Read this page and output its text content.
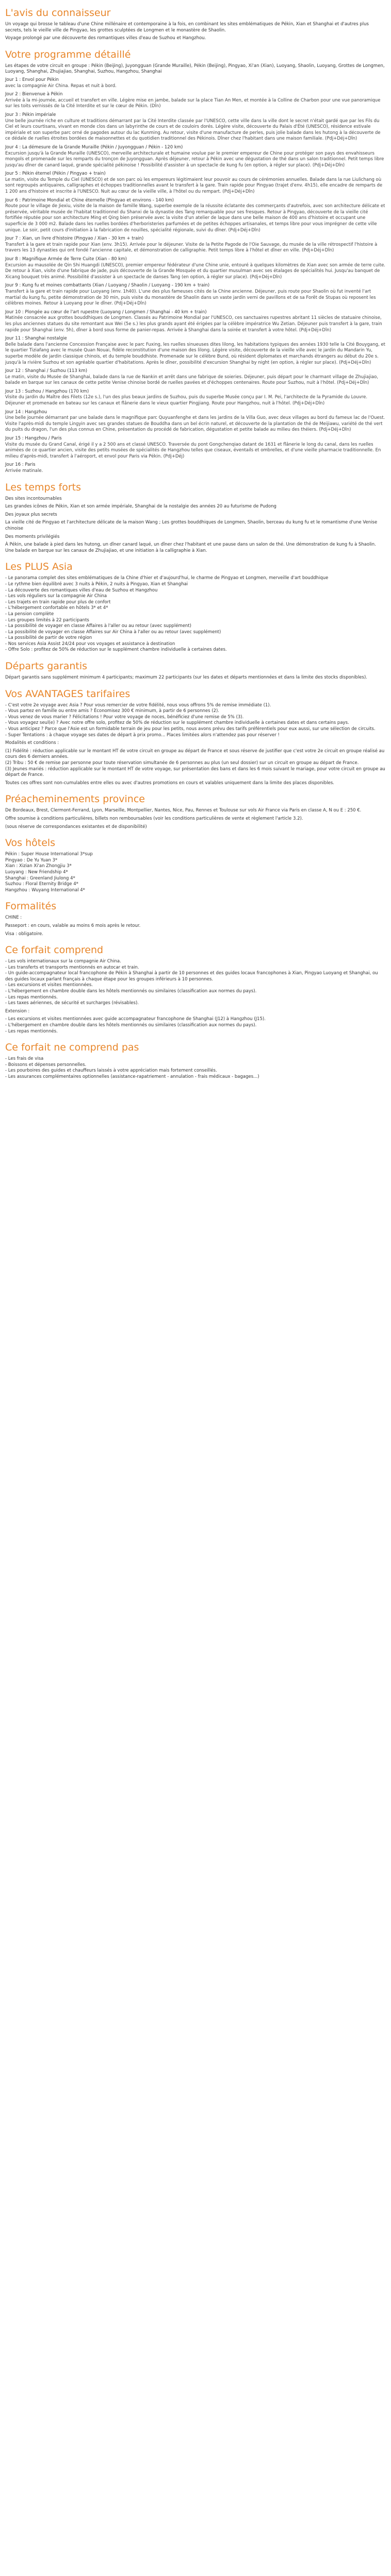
L'avis du connaisseur

Un voyage qui brosse le tableau d'une Chine millénaire et contemporaine à la fois, en combinant les sites emblématiques de Pékin, Xian et Shanghai et d'autres plus secrets, tels le vieille ville de Pingyao, les grottes sculptées de Longmen et le monastère de Shaolin.

Voyage prolongé par une découverte des romantiques villes d'eau de Suzhou et Hangzhou.

Votre programme détaillé

Les étapes de votre circuit en groupe : Pékin (Beijing), Juyongguan (Grande Muraille), Pékin (Beijing), Pingyao, Xi'an (Xian), Luoyang, Shaolin, Luoyang, Grottes de Longmen, Luoyang, Shanghai, Zhujiajiao, Shanghai, Suzhou, Hangzhou, Shanghai

Jour 1 : Envol pour Pékin
avec la compagnie Air China. Repas et nuit à bord.
Jour 2 : Bienvenue à Pékin
Arrivée à la mi-journée, accueil et transfert en ville. Légère mise en jambe, balade sur la place Tian An Men, et montée à la Colline de Charbon pour une vue panoramique sur les toits vernissés de la Cité Interdite et sur le cœur de Pékin. (Dîn)
Jour 3 : Pékin impériale
Une belle journée riche en culture et traditions démarrant par la Cité Interdite classée par l'UNESCO, cette ville dans la ville dont le secret n'était gardé que par les Fils du Ciel et leurs courtisans, vivant en monde clos dans un labyrinthe de cours et de couloirs dorés. Légère visite, découverte du Palais d'Été (UNESCO), résidence estivale impériale et son superbe parc orné de pagodes autour du lac Kunming. Au retour, visite d'une manufacture de perles, puis jolie balade dans les hutong à la découverte de ce dédale de ruelles étroites bordées de maisonnettes et du quotidien traditionnel des Pékinois. Dîner chez l'habitant dans une maison familiale. (Pdj+Déj+Dîn)
Jour 4 : La démesure de la Grande Muraille (Pékin / Juyongguan / Pékin - 120 km)
Excursion jusqu'à la Grande Muraille (UNESCO), merveille architecturale et humaine voulue par le premier empereur de Chine pour protéger son pays des envahisseurs mongols et promenade sur les remparts du tronçon de Juyongguan. Après déjeuner, retour à Pékin avec une dégustation de thé dans un salon traditionnel. Petit temps libre jusqu'au dîner de canard laqué, grande spécialité pékinoise ! Possibilité d'assister à un spectacle de kung fu (en option, à régler sur place). (Pdj+Déj+Dîn)
Jour 5 : Pékin éternel (Pékin / Pingyao + train)
Le matin, visite du Temple du Ciel (UNESCO) et de son parc où les empereurs légitimaient leur pouvoir au cours de cérémonies annuelles. Balade dans la rue Liulichang où sont regroupés antiquaires, calligraphes et échoppes traditionnelles avant le transfert à la gare. Train rapide pour Pingyao (trajet d'env. 4h15), elle encadre de remparts de 1 200 ans d'histoire et inscrite à l'UNESCO. Nuit au cœur de la vieille ville, à l'hôtel ou du rempart. (Pdj+Déj+Dîn)
Jour 6 : Patrimoine Mondial et Chine éternelle (Pingyao et environs - 140 km)
Route pour le village de Jiexiu, visite de la maison de famille Wang, superbe exemple de la réussite éclatante des commerçants d'autrefois, avec son architecture délicate et préservée, véritable musée de l'habitat traditionnel du Shanxi de la dynastie des Tang remarquable pour ses fresques. Retour à Pingyao, découverte de la vieille cité fortifiée réputée pour son architecture Ming et Qing bien préservée avec la visite d'un atelier de laque dans une belle maison de 400 ans d'histoire et occupant une superficie de 3 000 m2. Balade dans les ruelles bordées d'herboristeries parfumées et de petites échoppes artisanales, et temps libre pour vous imprégner de cette ville unique. Le soir, petit cours d'initiation à la fabrication de nouilles, spécialité régionale, suivi du dîner. (Pdj+Déj+Dîn)
Jour 7 : Xian, un livre d'histoire (Pingyao / Xian - 30 km + train)
Transfert à la gare et train rapide pour Xian (env. 3h15). Arrivée pour le déjeuner. Visite de la Petite Pagode de l'Oie Sauvage, du musée de la ville rétrospectif l'histoire à travers les 13 dynasties qui ont fondé l'ancienne capitale, et démonstration de calligraphie. Petit temps libre à l'hôtel et dîner en ville. (Pdj+Déj+Dîn)
Jour 8 : Magnifique Armée de Terre Cuite (Xian - 80 km)
Excursion au mausolée de Qin Shi Huangdi (UNESCO), premier empereur fédérateur d'une Chine unie, entouré à quelques kilomètres de Xian avec son armée de terre cuite. De retour à Xian, visite d'une fabrique de jade, puis découverte de la Grande Mosquée et du quartier musulman avec ses étalages de spécialités hui. Jusqu'au banquet de Xicang bouquet très animé. Possibilité d'assister à un spectacle de danses Tang (en option, à régler sur place). (Pdj+Déj+Dîn)
Jour 9 : Kung fu et moines combattants (Xian / Luoyang / Shaolin / Luoyang - 190 km + train)
Transfert à la gare et train rapide pour Luoyang (env. 1h40). L'une des plus fameuses cités de la Chine ancienne. Déjeuner, puis route pour Shaolin où fut inventé l'art martial du kung fu, petite démonstration de 30 min, puis visite du monastère de Shaolin dans un vaste jardin verni de pavillons et de sa Forêt de Stupas où reposent les célèbres moines. Retour à Luoyang pour le dîner. (Pdj+Déj+Dîn)
Jour 10 : Plongée au cœur de l'art rupestre (Luoyang / Longmen / Shanghai - 40 km + train)
Matinée consacrée aux grottes bouddhiques de Longmen. Classés au Patrimoine Mondial par l'UNESCO, ces sanctuaires rupestres abritant 11 siècles de statuaire chinoise, les plus anciennes statues du site remontant aux Wei (5e s.) les plus grands ayant été érigées par la célèbre impératrice Wu Zetian. Déjeuner puis transfert à la gare, train rapide pour Shanghai (env. 5h), dîner à bord sous forme de panier-repas. Arrivée à Shanghai dans la soirée et transfert à votre hôtel. (Pdj+Déj+Dîn)
Jour 11 : Shanghai nostalgie
Belle balade dans l'ancienne Concession Française avec le parc Fuxing, les ruelles sinueuses dites lilong, les habitations typiques des années 1930 telle la Cité Bouygang, et le quartier Tiziafang avec le musée Quan Nouai, fidèle reconstitution d'une maison des lilong. Légère visite, découverte de la vieille ville avec le jardin du Mandarin Yu, superbe modèle de jardin classique chinois, et du temple bouddhiste. Promenade sur le célèbre Bund, où résident diplomates et marchands étrangers au début du 20e s. jusqu'à la rivière Suzhou et son agréable quartier d'habitations. Après le dîner, possibilité d'excursion Shanghai by night (en option, à régler sur place). (Pdj+Déj+Dîn)
Jour 12 : Shanghai / Suzhou (113 km)
Le matin, visite du Musée de Shanghai, balade dans la rue de Nankin et arrêt dans une fabrique de soieries. Déjeuner, puis départ pour le charmant village de Zhujiajiao, balade en barque sur les canaux de cette petite Venise chinoise bordé de ruelles pavées et d'échoppes centenaires. Route pour Suzhou, nuit à l'hôtel. (Pdj+Déj+Dîn)
Jour 13 : Suzhou / Hangzhou (170 km)
Visite du jardin du Maître des Filets (12e s.), l'un des plus beaux jardins de Suzhou, puis du superbe Musée conçu par I. M. Pei, l'architecte de la Pyramide du Louvre. Déjeuner et promenade en bateau sur les canaux et flânerie dans le vieux quartier Pingjiang. Route pour Hangzhou, nuit à l'hôtel. (Pdj+Déj+Dîn)
Jour 14 : Hangzhou
Une belle journée démarrant par une balade dans le magnifique parc Quyuanfenghe et dans les jardins de la Villa Guo, avec deux villages au bord du fameux lac de l'Ouest. Visite l'après-midi du temple Lingyin avec ses grandes statues de Bouddha dans un bel écrin naturel, et découverte de la plantation de thé de Meijiawu, variété de thé vert du puits du dragon, l'un des plus connus en Chine, présentation du procédé de fabrication, dégustation et petite balade au milieu des théiers. (Pdj+Déj+Dîn)
Jour 15 : Hangzhou / Paris
Visite du musée du Grand Canal, érigé il y a 2 500 ans et classé UNESCO. Traversée du pont Gongchenqiao datant de 1631 et flânerie le long du canal, dans les ruelles animées de ce quartier ancien, visite des petits musées de spécialités de Hangzhou telles que ciseaux, éventails et ombrelles, et d'une vieille pharmacie traditionnelle. En milieu d'après-midi, transfert à l'aéroport, et envol pour Paris via Pékin. (Pdj+Déj)
Jour 16 : Paris
Arrivée matinale.
Les temps forts

Des sites incontournables

Les grandes icônes de Pékin, Xian et son armée impériale, Shanghai de la nostalgie des années 20 au futurisme de Pudong

Des joyaux plus secrets

La vieille cité de Pingyao et l'architecture délicate de la maison Wang ; Les grottes bouddhiques de Longmen, Shaolin, berceau du kung fu et le romantisme d'une Venise chinoise

Des moments privilégiés

À Pékin, une balade à pied dans les hutong, un dîner canard laqué, un dîner chez l'habitant et une pause dans un salon de thé. Une démonstration de kung fu à Shaolin. Une balade en barque sur les canaux de Zhujiajiao, et une initiation à la calligraphie à Xian.

Les PLUS Asia
- Le panorama complet des sites emblématiques de la Chine d'hier et d'aujourd'hui, le charme de Pingyao et Longmen, merveille d'art bouddhique
- Le rythme bien équilibré avec 3 nuits à Pékin, 2 nuits à Pingyao, Xian et Shanghai
- La découverte des romantiques villes d'eau de Suzhou et Hangzhou
- Les vols réguliers sur la compagnie Air China
- Les trajets en train rapide pour plus de confort
- L'hébergement confortable en hôtels 3* et 4*
- La pension complète
- Les groupes limités à 22 participants
- La possibilité de voyager en classe Affaires à l'aller ou au retour (avec supplément)
- La possibilité de voyager en classe Affaires sur Air China à l'aller ou au retour (avec supplément)
- La possibilité de partir de votre région
- Nos services Asia Assist 24/24 pour vos voyages et assistance à destination
- Offre Solo : profitez de 50% de réduction sur le supplément chambre individuelle à certaines dates.
Départs garantis

Départ garantis sans supplément minimum 4 participants; maximum 22 participants (sur les dates et départs mentionnées et dans la limite des stocks disponibles).

Vos AVANTAGES tarifaires
- C'est votre 2e voyage avec Asia ? Pour vous remercier de votre fidélité, nous vous offrons 5% de remise immédiate (1).
- Vous partez en famille ou entre amis ? Économisez 300 € minimum, à partir de 6 personnes (2).
- Vous venez de vous marier ? Félicitations ! Pour votre voyage de noces, bénéficiez d'une remise de 5% (3).
- Vous voyagez seul(e) ? Avec notre offre solo, profitez de 50% de réduction sur le supplément chambre individuelle à certaines dates et dans certains pays.
- Vous anticipez ? Parce que l'Asie est un formidable terrain de jeu pour les petits, nous avons prévu des tarifs préférentiels pour eux aussi, sur une sélection de circuits.
- Super Tentations : à chaque voyage ses dates de départ à prix promo... Places limitées alors n'attendez pas pour réserver !

Modalités et conditions :

(1) Fidélité : réduction applicable sur le montant HT de votre circuit en groupe au départ de France et sous réserve de justifier que c'est votre 2e circuit en groupe réalisé au cours des 6 derniers années.
(2) Tribu : 50 € de remise par personne pour toute réservation simultanée de 6 personnes au plus (un seul dossier) sur un circuit en groupe au départ de France.
(3) Jeunes mariés : réduction applicable sur le montant HT de votre voyage, sur présentation des bans et dans les 6 mois suivant le mariage, pour votre circuit en groupe au départ de France.

Toutes ces offres sont non-cumulables entre elles ou avec d'autres promotions en cours et valables uniquement dans la limite des places disponibles.

Préacheminements province

De Bordeaux, Brest, Clermont-Ferrand, Lyon, Marseille, Montpellier, Nantes, Nice, Pau, Rennes et Toulouse sur vols Air France via Paris en classe A, N ou E : 250 €.

Offre soumise à conditions particulières, billets non remboursables (voir les conditions particulières de vente et règlement l'article 3.2).

(sous réserve de correspondances existantes et de disponibilité)

Vos hôtels
Pékin : Super House International 3*sup
Pingyao : De Yu Yuan 3*
Xian : Xizian Xi'an Zhongjiu 3*
Luoyang : New Friendship 4*
Shanghai : Greenland Jiulong 4*
Suzhou : Floral Eternity Bridge 4*
Hangzhou : Wuyang International 4*
Formalités

CHINE :

Passeport : en cours, valable au moins 6 mois après le retour.

Visa : obligatoire.

Ce forfait comprend
- Les vols internationaux sur la compagnie Air China.
- Les transferts et transports mentionnés en autocar et train.
- Un guide-accompagnateur local francophone de Pékin à Shanghai à partir de 10 personnes et des guides locaux francophones à Xian, Pingyao Luoyang et Shanghai, ou des guides locaux parlant français à chaque étape pour les groupes inférieurs à 10 personnes.
- Les excursions et visites mentionnées.
- L'hébergement en chambre double dans les hôtels mentionnés ou similaires (classification aux normes du pays).
- Les repas mentionnés.
- Les taxes aériennes, de sécurité et surcharges (révisables).

Extension :

- Les excursions et visites mentionnées avec guide accompagnateur francophone de Shanghai (J12) à Hangzhou (J15).
- L'hébergement en chambre double dans les hôtels mentionnés ou similaires (classification aux normes du pays).
- Les repas mentionnés.
Ce forfait ne comprend pas
- Les frais de visa
- Boissons et dépenses personnelles.
- Les pourboires des guides et chauffeurs laissés à votre appréciation mais fortement conseillés.
- Les assurances complémentaires optionnelles (assistance-rapatriement - annulation - frais médicaux - bagages...)
